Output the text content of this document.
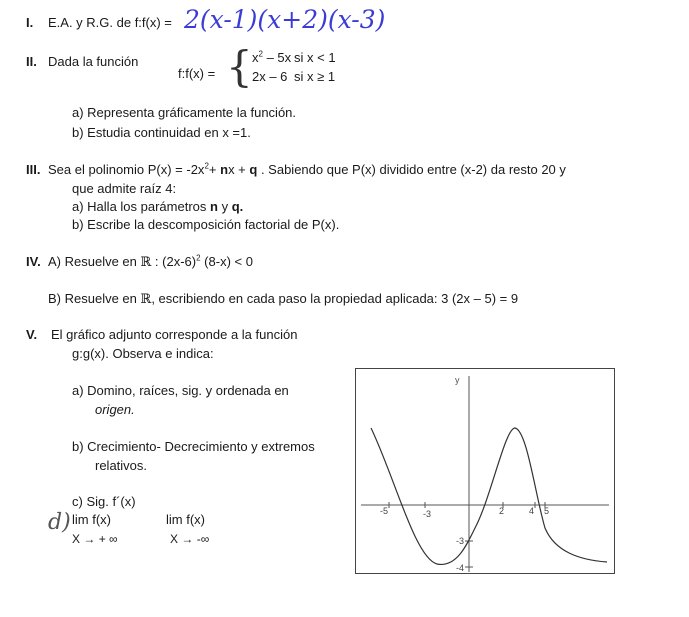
I. E.A. y R.G. de f:f(x) = 2(x-1)(x+2)(x-3)
II. Dada la función
f:f(x) = { $x^2 - 5x$ si x < 1
2x – 6 si x ≥ 1
a) Representa gráficamente la función.
b) Estudia continuidad en x =1.
III. Sea el polinomio $P(x) = -2x^2+$ nx + q . Sabiendo que P(x) dividido entre (x-2) da resto 20 y
que admite raíz 4:
a) Halla los parámetros n y q.
b) Escribe la descomposición factorial de P(x).
IV. A) Resuelve en ℝ : $(2x-6)^2$ (8-x) < 0
B) Resuelve en ℝ, escribiendo en cada paso la propiedad aplicada: 3 (2x – 5) = 9
V. El gráfico adjunto corresponde a la función
g:g(x). Observa e indica:
a) Domino, raíces, sig. y ordenada en
origen.
b) Crecimiento- Decrecimiento y extremos
relativos.
c) Sig. f´(x)
d) lim f(x)
X → + ∞
lim f(x)
X → -∞
y
-5	-3	2	4 5
-3
-4
